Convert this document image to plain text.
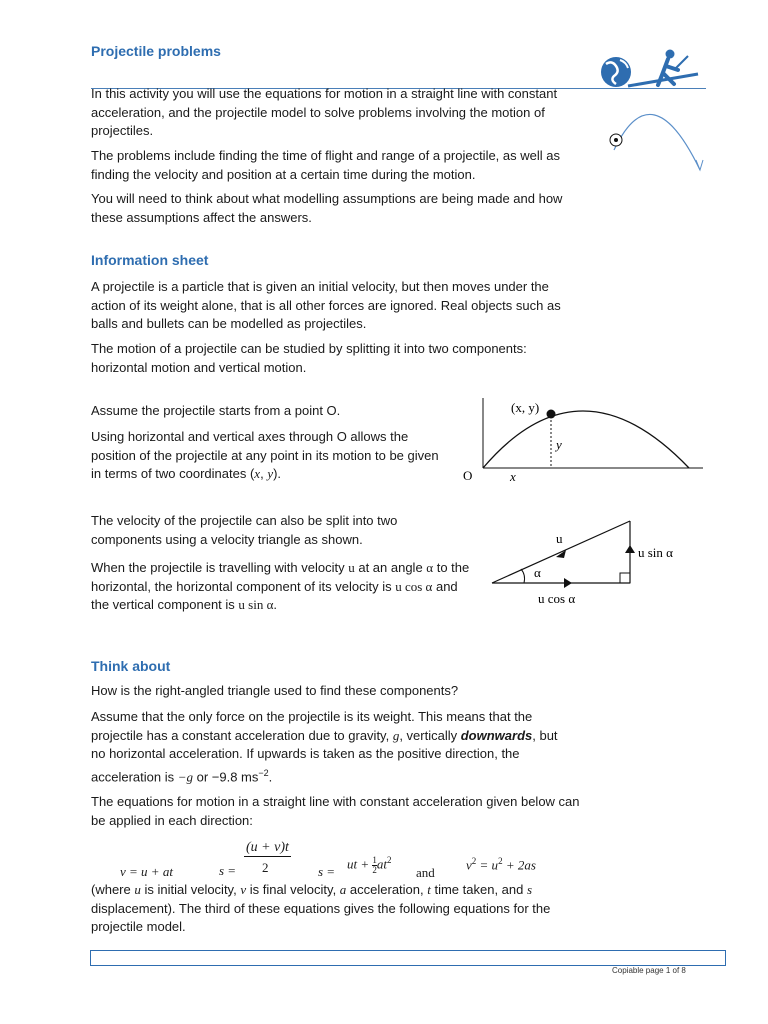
Projectile problems
In this activity you will use the equations for motion in a straight line with constant acceleration, and the projectile model to solve problems involving the motion of projectiles.
The problems include finding the time of flight and range of a projectile, as well as finding the velocity and position at a certain time during the motion.
You will need to think about what modelling assumptions are being made and how these assumptions affect the answers.
Information sheet
A projectile is a particle that is given an initial velocity, but then moves under the action of its weight alone, that is all other forces are ignored. Real objects such as balls and bullets can be modelled as projectiles.
The motion of a projectile can be studied by splitting it into two components: horizontal motion and vertical motion.
Assume the projectile starts from a point O.
Using horizontal and vertical axes through O allows the position of the projectile at any point in its motion to be given in terms of two coordinates (x, y).
(x, y)
O	x
y
The velocity of the projectile can also be split into two components using a velocity triangle as shown.
When the projectile is travelling with velocity u at an angle α to the horizontal, the horizontal component of its velocity is u cos α and the vertical component is u sin α.
α
u
u cos α
u sin α
Think about
How is the right-angled triangle used to find these components?
Assume that the only force on the projectile is its weight. This means that the projectile has a constant acceleration due to gravity, g, vertically downwards, but no horizontal acceleration. If upwards is taken as the positive direction, the acceleration is −g or −9.8 $ms^{-2}$.
The equations for motion in a straight line with constant acceleration given below can be applied in each direction:
v = u + at	s =
(u + v)t
2	s =
ut + $\frac{1}{2} at^2$
and
$v^2 = u^2 + 2as$
(where u is initial velocity, v is final velocity, a acceleration, t time taken, and s displacement). The third of these equations gives the following equations for the projectile model.
Copiable page 1 of 8
